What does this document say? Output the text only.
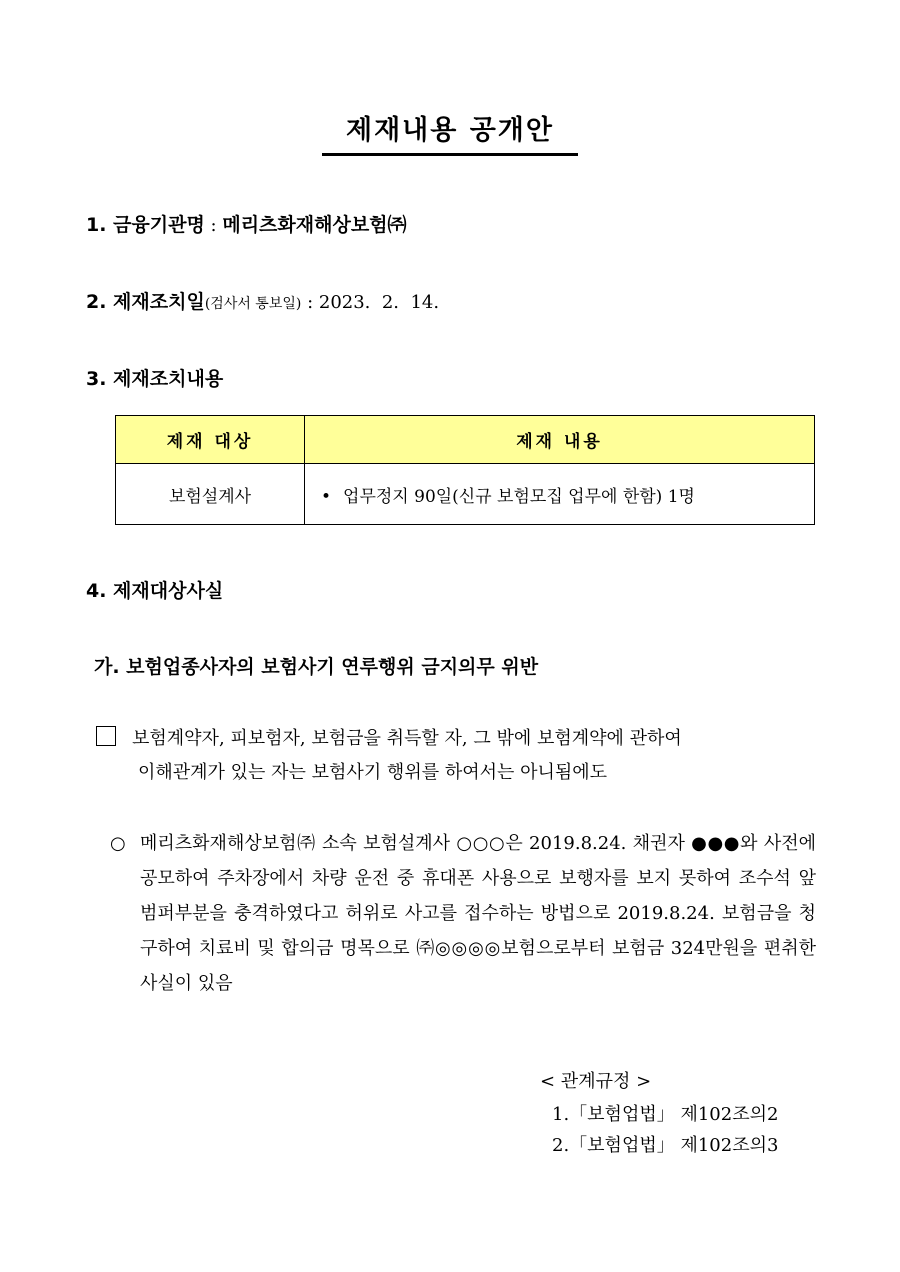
제재내용 공개안
1. 금융기관명 : 메리츠화재해상보험㈜
2. 제재조치일(검사서 통보일) : 2023.  2.  14.
3. 제재조치내용
제재 대상	제재 내용
보험설계사	• 업무정지 90일(신규 보험모집 업무에 한함) 1명
4. 제재대상사실
가. 보험업종사자의 보험사기 연루행위 금지의무 위반
보험계약자, 피보험자, 보험금을 취득할 자, 그 밖에 보험계약에 관하여
이해관계가 있는 자는 보험사기 행위를 하여서는 아니됨에도
○ 메리츠화재해상보험㈜ 소속 보험설계사 ○○○은 2019.8.24. 채권자 ●●●와 사전에 공모하여 주차장에서 차량 운전 중 휴대폰 사용으로 보행자를 보지 못하여 조수석 앞 범퍼부분을 충격하였다고 허위로 사고를 접수하는 방법으로 2019.8.24. 보험금을 청구하여 치료비 및 합의금 명목으로 ㈜◎◎◎◎보험으로부터 보험금 324만원을 편취한 사실이 있음
< 관계규정 >
1.「보험업법」 제102조의2
2.「보험업법」 제102조의3
